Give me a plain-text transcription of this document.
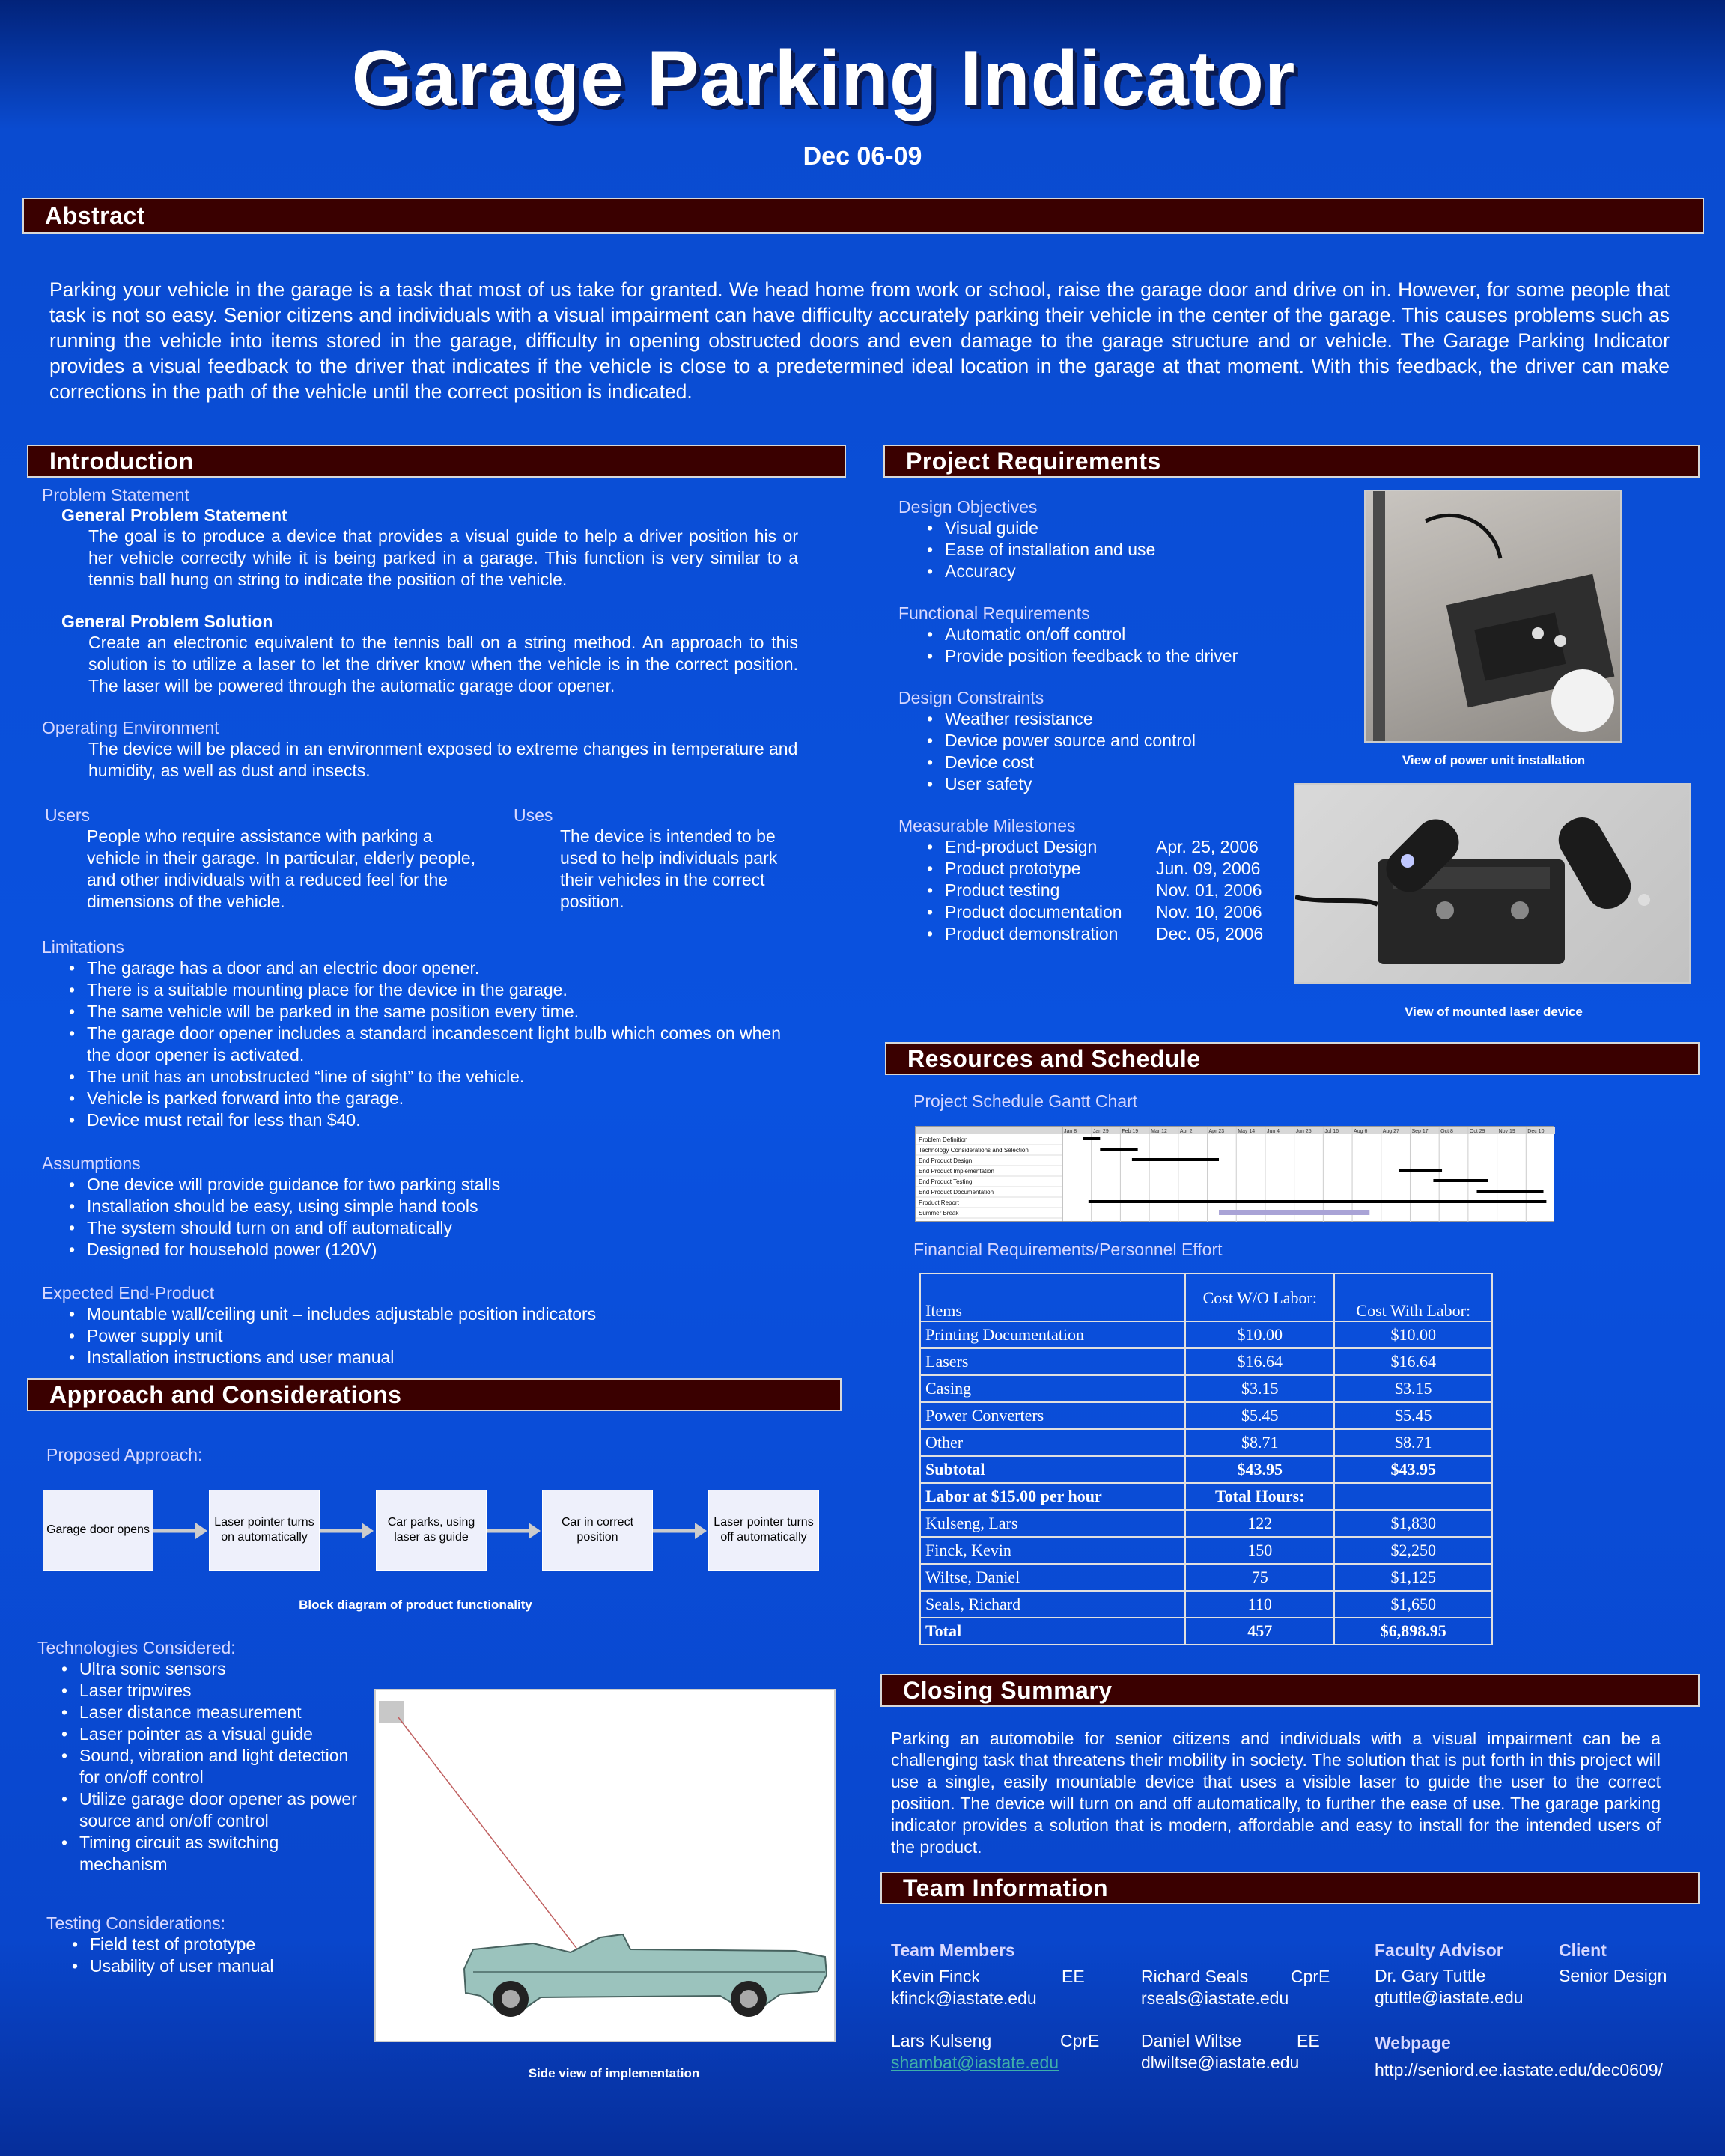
Garage Parking Indicator
Dec 06-09
Abstract
Parking your vehicle in the garage is a task that most of us take for granted. We head home from work or school, raise the garage door and drive on in. However, for some people that task is not so easy. Senior citizens and individuals with a visual impairment can have difficulty accurately parking their vehicle in the center of the garage. This causes problems such as running the vehicle into items stored in the garage, difficulty in opening obstructed doors and even damage to the garage structure and or vehicle. The Garage Parking Indicator provides a visual feedback to the driver that indicates if the vehicle is close to a predetermined ideal location in the garage at that moment. With this feedback, the driver can make corrections in the path of the vehicle until the correct position is indicated.
Introduction
Problem Statement
General Problem Statement
The goal is to produce a device that provides a visual guide to help a driver position his or her vehicle correctly while it is being parked in a garage. This function is very similar to a tennis ball hung on string to indicate the position of the vehicle.
General Problem Solution
Create an electronic equivalent to the tennis ball on a string method. An approach to this solution is to utilize a laser to let the driver know when the vehicle is in the correct position. The laser will be powered through the automatic garage door opener.
Operating Environment
The device will be placed in an environment exposed to extreme changes in temperature and humidity, as well as dust and insects.
Users
People who require assistance with parking a vehicle in their garage. In particular, elderly people, and other individuals with a reduced feel for the dimensions of the vehicle.
Uses
The device is intended to be used to help individuals park their vehicles in the correct position.
Limitations
• The garage has a door and an electric door opener.
• There is a suitable mounting place for the device in the garage.
• The same vehicle will be parked in the same position every time.
• The garage door opener includes a standard incandescent light bulb which comes on when the door opener is activated.
• The unit has an unobstructed “line of sight” to the vehicle.
• Vehicle is parked forward into the garage.
• Device must retail for less than $40.
Assumptions
• One device will provide guidance for two parking stalls
• Installation should be easy, using simple hand tools
• The system should turn on and off automatically
• Designed for household power (120V)
Expected End-Product
• Mountable wall/ceiling unit – includes adjustable position indicators
• Power supply unit
• Installation instructions and user manual
Approach and Considerations
Proposed Approach:
Garage door opens
Laser pointer turns on automatically
Car parks, using laser as guide
Car in correct position
Laser pointer turns off automatically
Block diagram of product functionality
Technologies Considered:
• Ultra sonic sensors
• Laser tripwires
• Laser distance measurement
• Laser pointer as a visual guide
• Sound, vibration and light detection for on/off control
• Utilize garage door opener as power source and on/off control
• Timing circuit as switching mechanism
Testing Considerations:
• Field test of prototype
• Usability of user manual
Side view of implementation
Project Requirements
Design Objectives
• Visual guide
• Ease of installation and use
• Accuracy
Functional Requirements
• Automatic on/off control
• Provide position feedback to the driver
Design Constraints
• Weather resistance
• Device power source and control
• Device cost
• User safety
Measurable Milestones
• End-product Design	Apr. 25, 2006
• Product prototype	Jun. 09, 2006
• Product testing	Nov. 01, 2006
• Product documentation Nov. 10, 2006
• Product demonstration Dec. 05, 2006
View of power unit installation
View of mounted laser device
Resources and Schedule
Project Schedule Gantt Chart
Jan 8	Jan 29	Feb 19 Mar 12 Apr 2	Apr 23	May 14 Jun 4	Jun 25	Jul 16	Aug 6	Aug 27 Sep 17 Oct 8	Oct 29	Nov 19 Dec 10
Problem Definition
Technology Considerations and Selection
End Product Design
End Product Implementation
End Product Testing
End Product Documentation
Product Report
Summer Break
Financial Requirements/Personnel Effort
Items	Cost W/O Labor:	Cost With Labor:
Printing Documentation	$10.00	$10.00
Lasers	$16.64	$16.64
Casing	$3.15	$3.15
Power Converters	$5.45	$5.45
Other	$8.71	$8.71
Subtotal	$43.95	$43.95
Labor at $15.00 per hour	Total Hours:	
Kulseng, Lars	122	$1,830
Finck, Kevin	150	$2,250
Wiltse, Daniel	75	$1,125
Seals, Richard	110	$1,650
Total	457	$6,898.95
Closing Summary
Parking an automobile for senior citizens and individuals with a visual impairment can be a challenging task that threatens their mobility in society. The solution that is put forth in this project will use a single, easily mountable device that uses a visible laser to guide the user to the correct position. The device will turn on and off automatically, to further the ease of use. The garage parking indicator provides a solution that is modern, affordable and easy to install for the intended users of the product.
Team Information
Team Members
Kevin Finck	EE
kfinck@iastate.edu
Richard Seals CprE
rseals@iastate.edu
Lars Kulseng	CprE
shambat@iastate.edu
Daniel Wiltse	EE
dlwiltse@iastate.edu
Faculty Advisor
Dr. Gary Tuttle
gtuttle@iastate.edu
Client
Senior Design
Webpage
http://seniord.ee.iastate.edu/dec0609/
